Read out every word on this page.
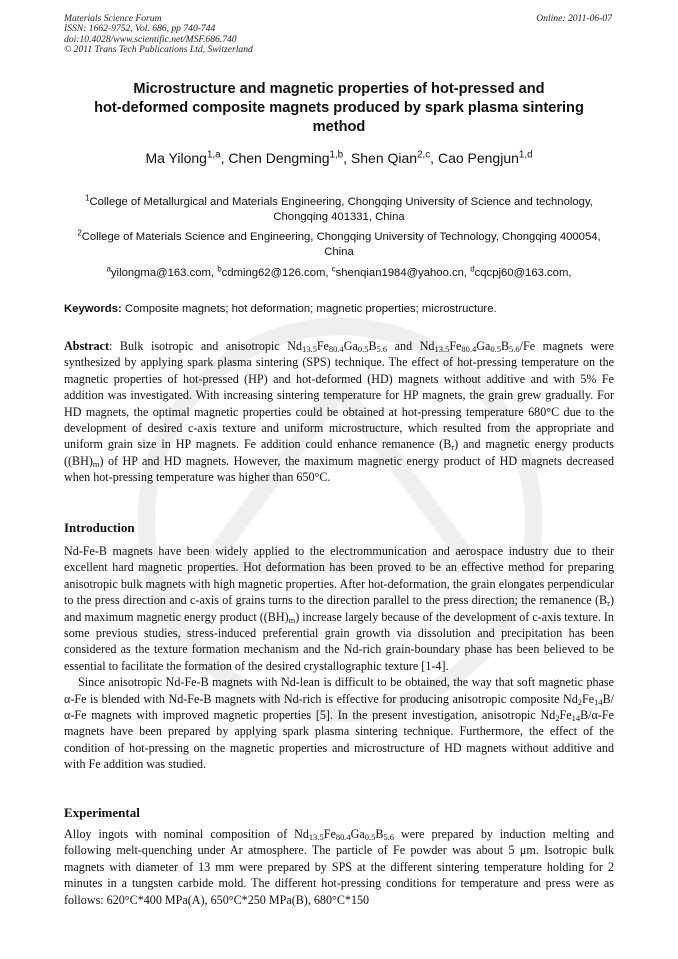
Materials Science Forum
ISSN: 1662-9752, Vol. 686, pp 740-744
doi:10.4028/www.scientific.net/MSF.686.740
© 2011 Trans Tech Publications Ltd, Switzerland
Online: 2011-06-07
Microstructure and magnetic properties of hot-pressed and
hot-deformed composite magnets produced by spark plasma sintering
method
Ma Yilong$^{1,a}$, Chen Dengming$^{1,b}$, Shen Qian$^{2,c}$, Cao Pengjun$^{1,d}$
$^1$College of Metallurgical and Materials Engineering, Chongqing University of Science and technology, Chongqing 401331, China
$^2$College of Materials Science and Engineering, Chongqing University of Technology, Chongqing 400054, China
$^a$yilongma@163.com, $^b$cdming62@126.com, $^c$shenqian1984@yahoo.cn, $^d$cqcpj60@163.com,
Keywords: Composite magnets; hot deformation; magnetic properties; microstructure.
Abstract: Bulk isotropic and anisotropic $Nd_{13.5}Fe_{80.4}Ga_{0.5}B_{5.6}$ and $Nd_{13.5}Fe_{80.4}Ga_{0.5}B_{5.6}/Fe$ magnets were synthesized by applying spark plasma sintering (SPS) technique. The effect of hot-pressing temperature on the magnetic properties of hot-pressed (HP) and hot-deformed (HD) magnets without additive and with 5% Fe addition was investigated. With increasing sintering temperature for HP magnets, the grain grew gradually. For HD magnets, the optimal magnetic properties could be obtained at hot-pressing temperature 680°C due to the development of desired c-axis texture and uniform microstructure, which resulted from the appropriate and uniform grain size in HP magnets. Fe addition could enhance remanence $(B_r)$ and magnetic energy products $((BH)_m)$ of HP and HD magnets. However, the maximum magnetic energy product of HD magnets decreased when hot-pressing temperature was higher than 650°C.
Introduction
Nd-Fe-B magnets have been widely applied to the electrommunication and aerospace industry due to their excellent hard magnetic properties. Hot deformation has been proved to be an effective method for preparing anisotropic bulk magnets with high magnetic properties. After hot-deformation, the grain elongates perpendicular to the press direction and c-axis of grains turns to the direction parallel to the press direction; the remanence $(B_r)$ and maximum magnetic energy product $((BH)_m)$ increase largely because of the development of c-axis texture. In some previous studies, stress-induced preferential grain growth via dissolution and precipitation has been considered as the texture formation mechanism and the Nd-rich grain-boundary phase has been believed to be essential to facilitate the formation of the desired crystallographic texture [1-4].
Since anisotropic Nd-Fe-B magnets with Nd-lean is difficult to be obtained, the way that soft magnetic phase α-Fe is blended with Nd-Fe-B magnets with Nd-rich is effective for producing anisotropic composite $Nd_2Fe_{14}B/\alpha-Fe$ magnets with improved magnetic properties [5]. In the present investigation, anisotropic $Nd_2Fe_{14}B/\alpha-Fe$ magnets have been prepared by applying spark plasma sintering technique. Furthermore, the effect of the condition of hot-pressing on the magnetic properties and microstructure of HD magnets without additive and with Fe addition was studied.
Experimental
Alloy ingots with nominal composition of $Nd_{13.5}Fe_{80.4}Ga_{0.5}B_{5.6}$ were prepared by induction melting and following melt-quenching under Ar atmosphere. The particle of Fe powder was about 5 μm. Isotropic bulk magnets with diameter of 13 mm were prepared by SPS at the different sintering temperature holding for 2 minutes in a tungsten carbide mold. The different hot-pressing conditions for temperature and press were as follows: 620°C*400 MPa(A), 650°C*250 MPa(B), 680°C*150
